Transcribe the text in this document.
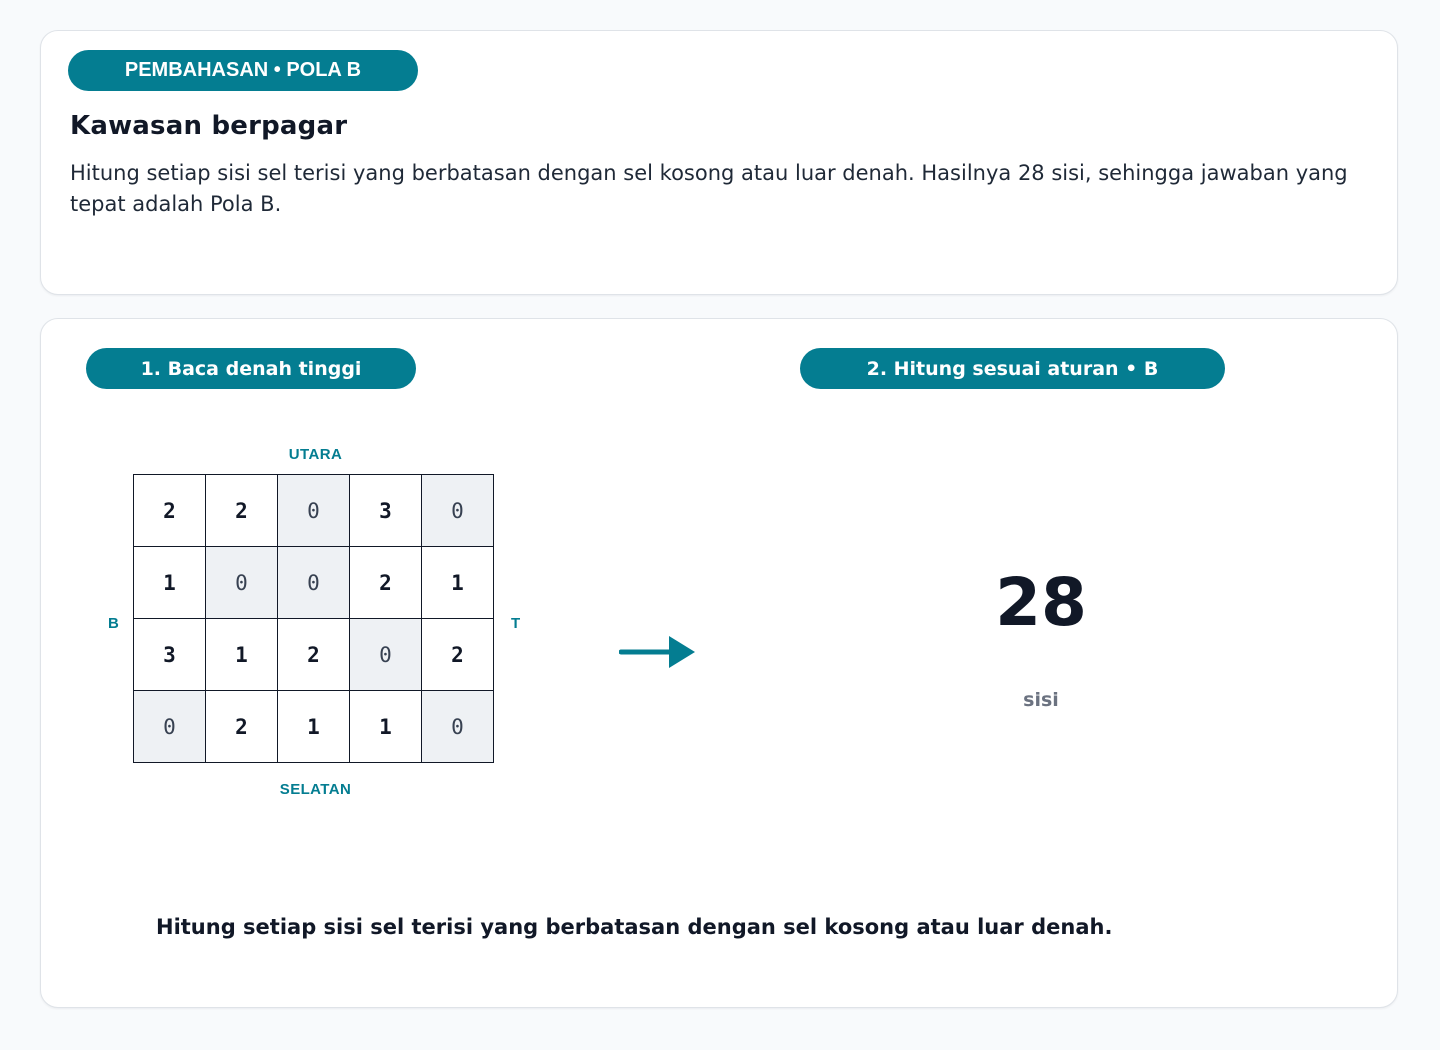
PEMBAHASAN • POLA B
Kawasan berpagar

Hitung setiap sisi sel terisi yang berbatasan dengan sel kosong atau luar denah. Hasilnya 28 sisi, sehingga jawaban yang tepat adalah Pola B.

1. Baca denah tinggi	2. Hitung sesuai aturan • B
UTARA
SELATAN
B	T
2	2	0	3	0
1	0	0	2	1
3	1	2	0	2
0	2	1	1	0
28
sisi

Hitung setiap sisi sel terisi yang berbatasan dengan sel kosong atau luar denah.
